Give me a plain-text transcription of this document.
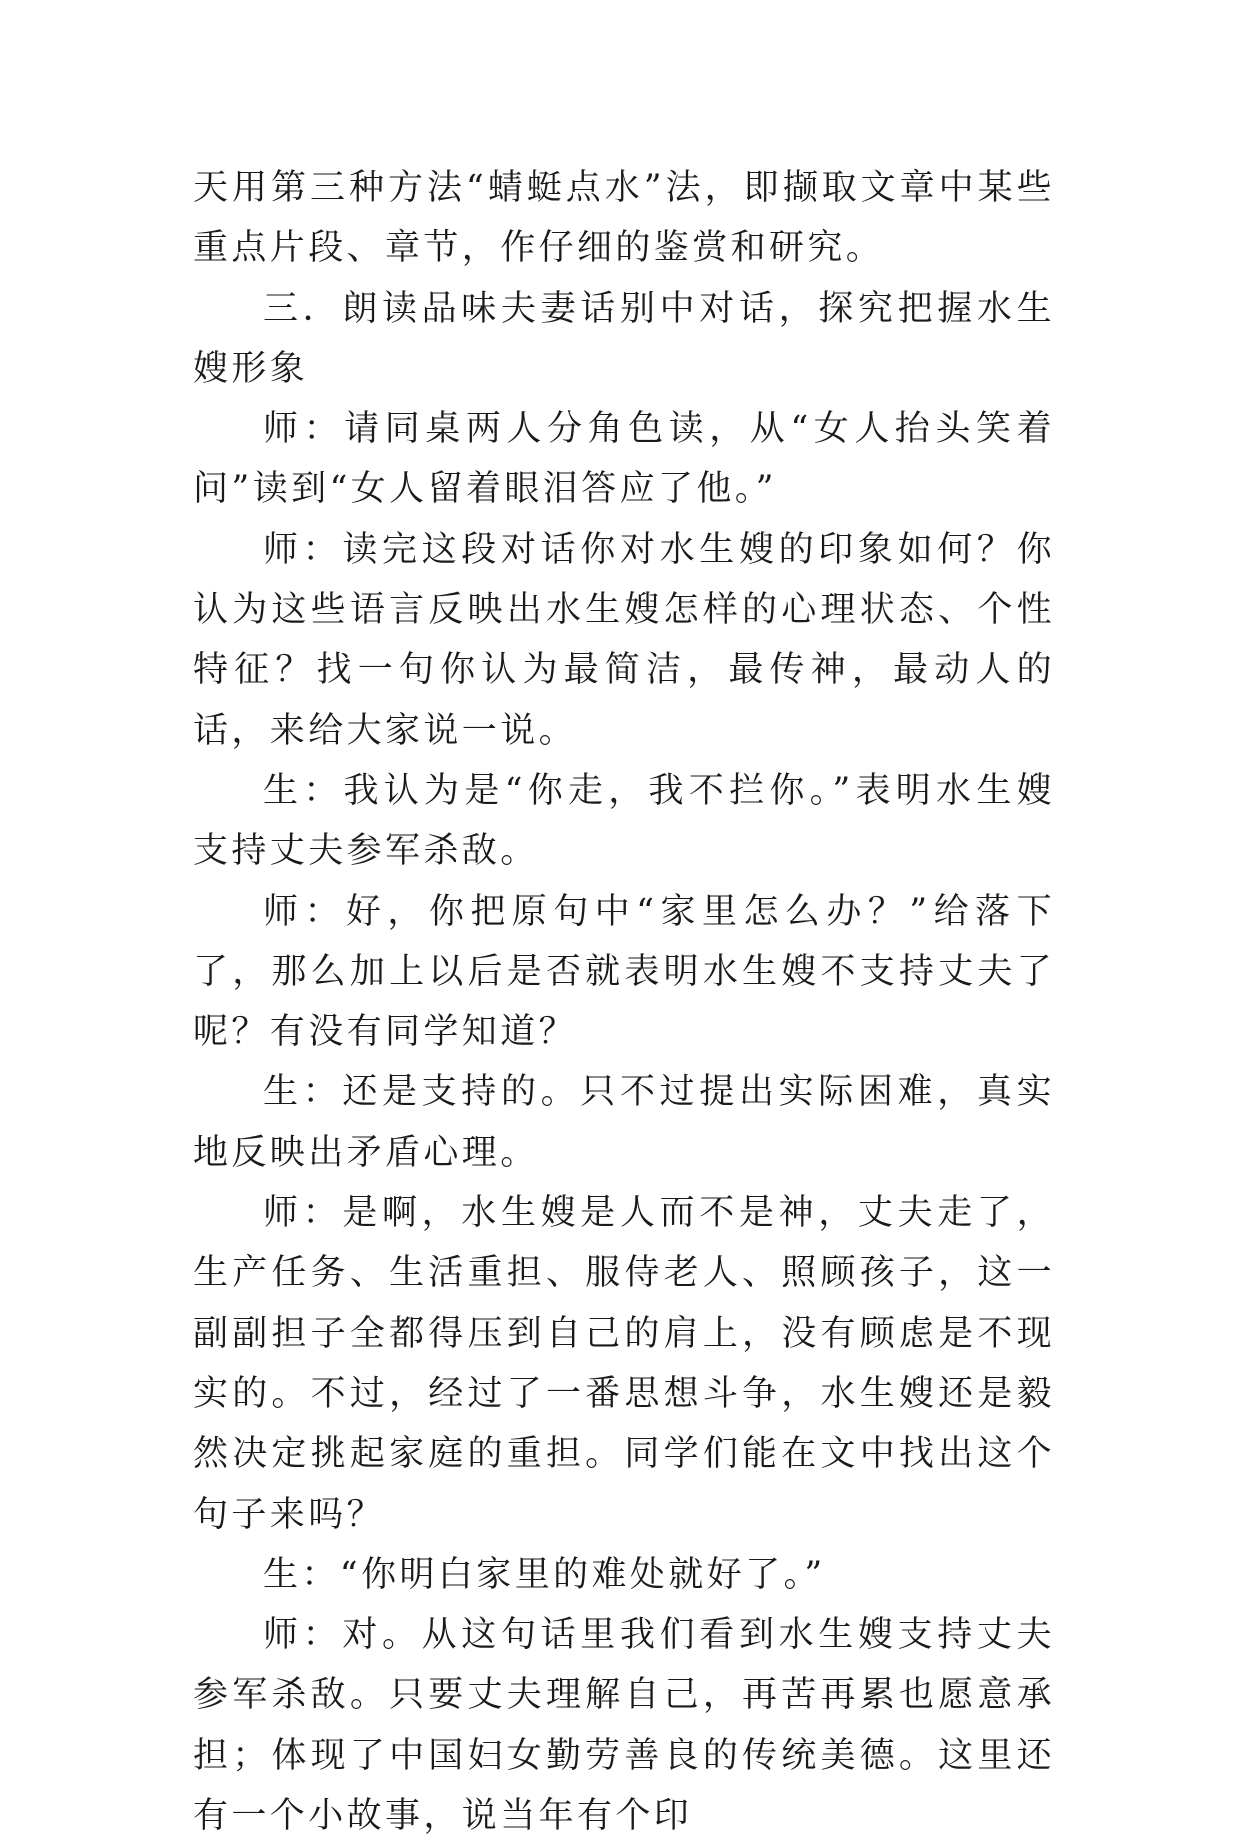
天用第三种方法“蜻蜓点水”法，即撷取文章中某些重点片段、章节，作仔细的鉴赏和研究。

三．朗读品味夫妻话别中对话，探究把握水生嫂形象

师：请同桌两人分角色读，从“女人抬头笑着问”读到“女人留着眼泪答应了他。”

师：读完这段对话你对水生嫂的印象如何？你认为这些语言反映出水生嫂怎样的心理状态、个性特征？找一句你认为最简洁，最传神，最动人的话，来给大家说一说。

生：我认为是“你走，我不拦你。”表明水生嫂支持丈夫参军杀敌。

师：好，你把原句中“家里怎么办？”给落下了，那么加上以后是否就表明水生嫂不支持丈夫了呢？有没有同学知道？

生：还是支持的。只不过提出实际困难，真实地反映出矛盾心理。

师：是啊，水生嫂是人而不是神，丈夫走了，生产任务、生活重担、服侍老人、照顾孩子，这一副副担子全都得压到自己的肩上，没有顾虑是不现实的。不过，经过了一番思想斗争，水生嫂还是毅然决定挑起家庭的重担。同学们能在文中找出这个句子来吗？

生：“你明白家里的难处就好了。”

师：对。从这句话里我们看到水生嫂支持丈夫参军杀敌。只要丈夫理解自己，再苦再累也愿意承担；体现了中国妇女勤劳善良的传统美德。这里还有一个小故事，说当年有个印
